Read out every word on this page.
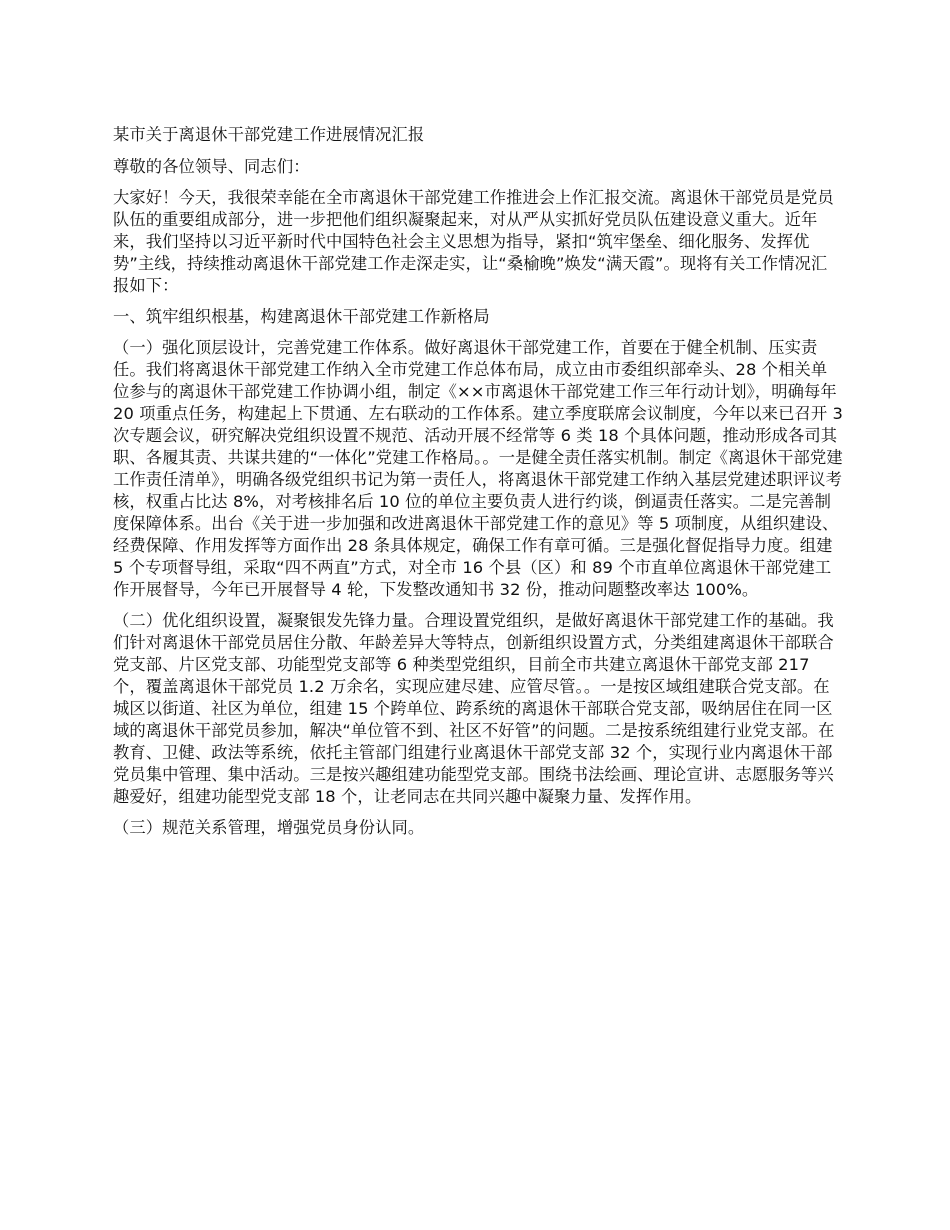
某市关于离退休干部党建工作进展情况汇报

尊敬的各位领导、同志们：

大家好！今天，我很荣幸能在全市离退休干部党建工作推进会上作汇报交流。离退休干部党员是党员队伍的重要组成部分，进一步把他们组织凝聚起来，对从严从实抓好党员队伍建设意义重大。近年来，我们坚持以习近平新时代中国特色社会主义思想为指导，紧扣“筑牢堡垒、细化服务、发挥优势”主线，持续推动离退休干部党建工作走深走实，让“桑榆晚”焕发“满天霞”。现将有关工作情况汇报如下：

一、筑牢组织根基，构建离退休干部党建工作新格局

（一）强化顶层设计，完善党建工作体系。做好离退休干部党建工作，首要在于健全机制、压实责任。我们将离退休干部党建工作纳入全市党建工作总体布局，成立由市委组织部牵头、28 个相关单位参与的离退休干部党建工作协调小组，制定《××市离退休干部党建工作三年行动计划》，明确每年 20 项重点任务，构建起上下贯通、左右联动的工作体系。建立季度联席会议制度，今年以来已召开 3 次专题会议，研究解决党组织设置不规范、活动开展不经常等 6 类 18 个具体问题，推动形成各司其职、各履其责、共谋共建的“一体化”党建工作格局。。一是健全责任落实机制。制定《离退休干部党建工作责任清单》，明确各级党组织书记为第一责任人，将离退休干部党建工作纳入基层党建述职评议考核，权重占比达 8%，对考核排名后 10 位的单位主要负责人进行约谈，倒逼责任落实。二是完善制度保障体系。出台《关于进一步加强和改进离退休干部党建工作的意见》等 5 项制度，从组织建设、经费保障、作用发挥等方面作出 28 条具体规定，确保工作有章可循。三是强化督促指导力度。组建 5 个专项督导组，采取“四不两直”方式，对全市 16 个县（区）和 89 个市直单位离退休干部党建工作开展督导，今年已开展督导 4 轮，下发整改通知书 32 份，推动问题整改率达 100%。

（二）优化组织设置，凝聚银发先锋力量。合理设置党组织，是做好离退休干部党建工作的基础。我们针对离退休干部党员居住分散、年龄差异大等特点，创新组织设置方式，分类组建离退休干部联合党支部、片区党支部、功能型党支部等 6 种类型党组织，目前全市共建立离退休干部党支部 217 个，覆盖离退休干部党员 1.2 万余名，实现应建尽建、应管尽管。。一是按区域组建联合党支部。在城区以街道、社区为单位，组建 15 个跨单位、跨系统的离退休干部联合党支部，吸纳居住在同一区域的离退休干部党员参加，解决“单位管不到、社区不好管”的问题。二是按系统组建行业党支部。在教育、卫健、政法等系统，依托主管部门组建行业离退休干部党支部 32 个，实现行业内离退休干部党员集中管理、集中活动。三是按兴趣组建功能型党支部。围绕书法绘画、理论宣讲、志愿服务等兴趣爱好，组建功能型党支部 18 个，让老同志在共同兴趣中凝聚力量、发挥作用。

（三）规范关系管理，增强党员身份认同。
